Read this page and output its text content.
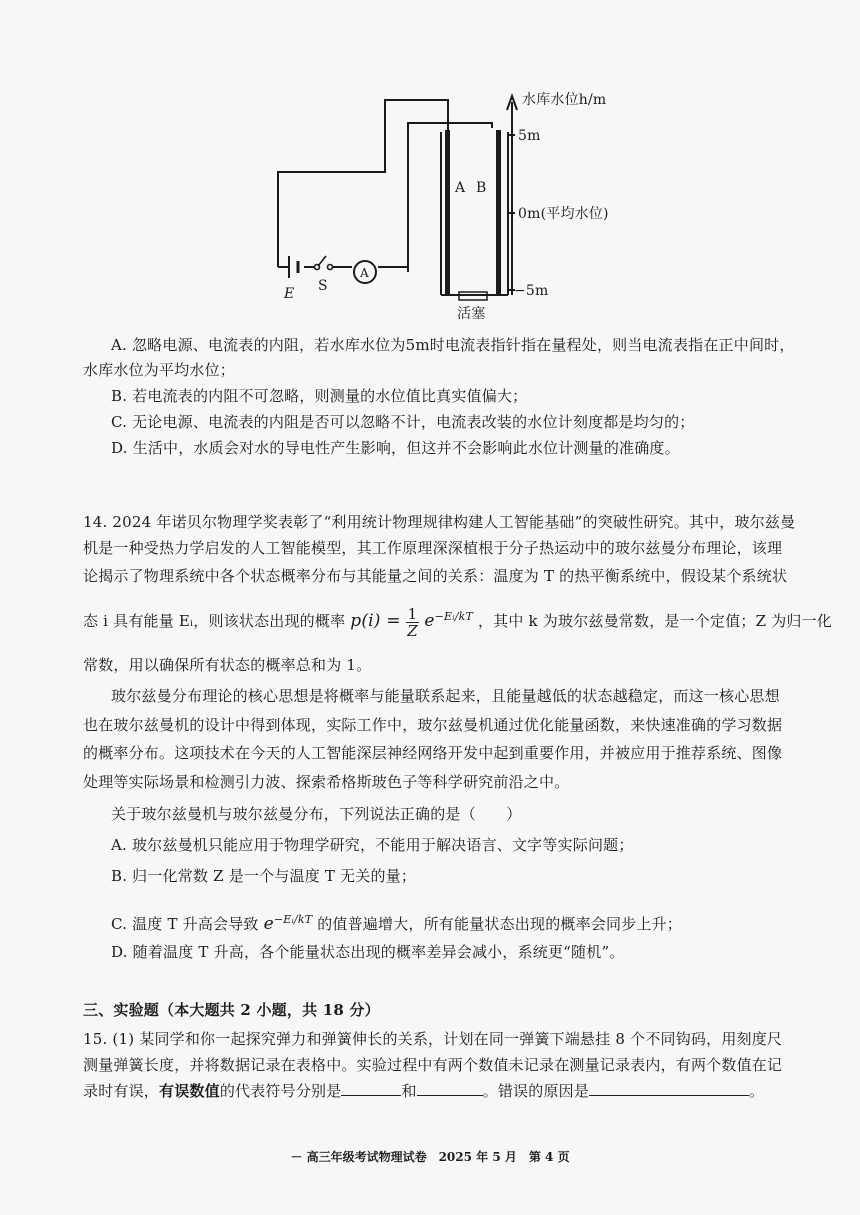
水库水位h/m
5m
0m(平均水位)
−5m
A B
E S
A
活塞
A. 忽略电源、电流表的内阻，若水库水位为5m时电流表指针指在量程处，则当电流表指在正中间时，
水库水位为平均水位；
B. 若电流表的内阻不可忽略，则测量的水位值比真实值偏大；
C. 无论电源、电流表的内阻是否可以忽略不计，电流表改装的水位计刻度都是均匀的；
D. 生活中，水质会对水的导电性产生影响，但这并不会影响此水位计测量的准确度。
14. 2024 年诺贝尔物理学奖表彰了“利用统计物理规律构建人工智能基础”的突破性研究。其中，玻尔兹曼
机是一种受热力学启发的人工智能模型，其工作原理深深植根于分子热运动中的玻尔兹曼分布理论，该理
论揭示了物理系统中各个状态概率分布与其能量之间的关系：温度为 T 的热平衡系统中，假设某个系统状
态 i 具有能量 Eᵢ，则该状态出现的概率 $p(i) = \frac{1}{Z} e^{-Eᵢ/kT}$ ，其中 k 为玻尔兹曼常数，是一个定值；Z 为归一化
常数，用以确保所有状态的概率总和为 1。
玻尔兹曼分布理论的核心思想是将概率与能量联系起来，且能量越低的状态越稳定，而这一核心思想
也在玻尔兹曼机的设计中得到体现，实际工作中，玻尔兹曼机通过优化能量函数，来快速准确的学习数据
的概率分布。这项技术在今天的人工智能深层神经网络开发中起到重要作用，并被应用于推荐系统、图像
处理等实际场景和检测引力波、探索希格斯玻色子等科学研究前沿之中。
关于玻尔兹曼机与玻尔兹曼分布，下列说法正确的是（　　）
A. 玻尔兹曼机只能应用于物理学研究，不能用于解决语言、文字等实际问题；
B. 归一化常数 Z 是一个与温度 T 无关的量；
C. 温度 T 升高会导致 $e^{-Eᵢ/kT}$ 的值普遍增大，所有能量状态出现的概率会同步上升；
D. 随着温度 T 升高，各个能量状态出现的概率差异会减小，系统更“随机”。
三、实验题（本大题共 2 小题，共 18 分）
15. (1) 某同学和你一起探究弹力和弹簧伸长的关系，计划在同一弹簧下端悬挂 8 个不同钩码，用刻度尺
测量弹簧长度，并将数据记录在表格中。实验过程中有两个数值未记录在测量记录表内，有两个数值在记
录时有误，有误数值的代表符号分别是	和	。错误的原因是	。
－ 高三年级考试物理试卷　2025 年 5 月　第 4 页
